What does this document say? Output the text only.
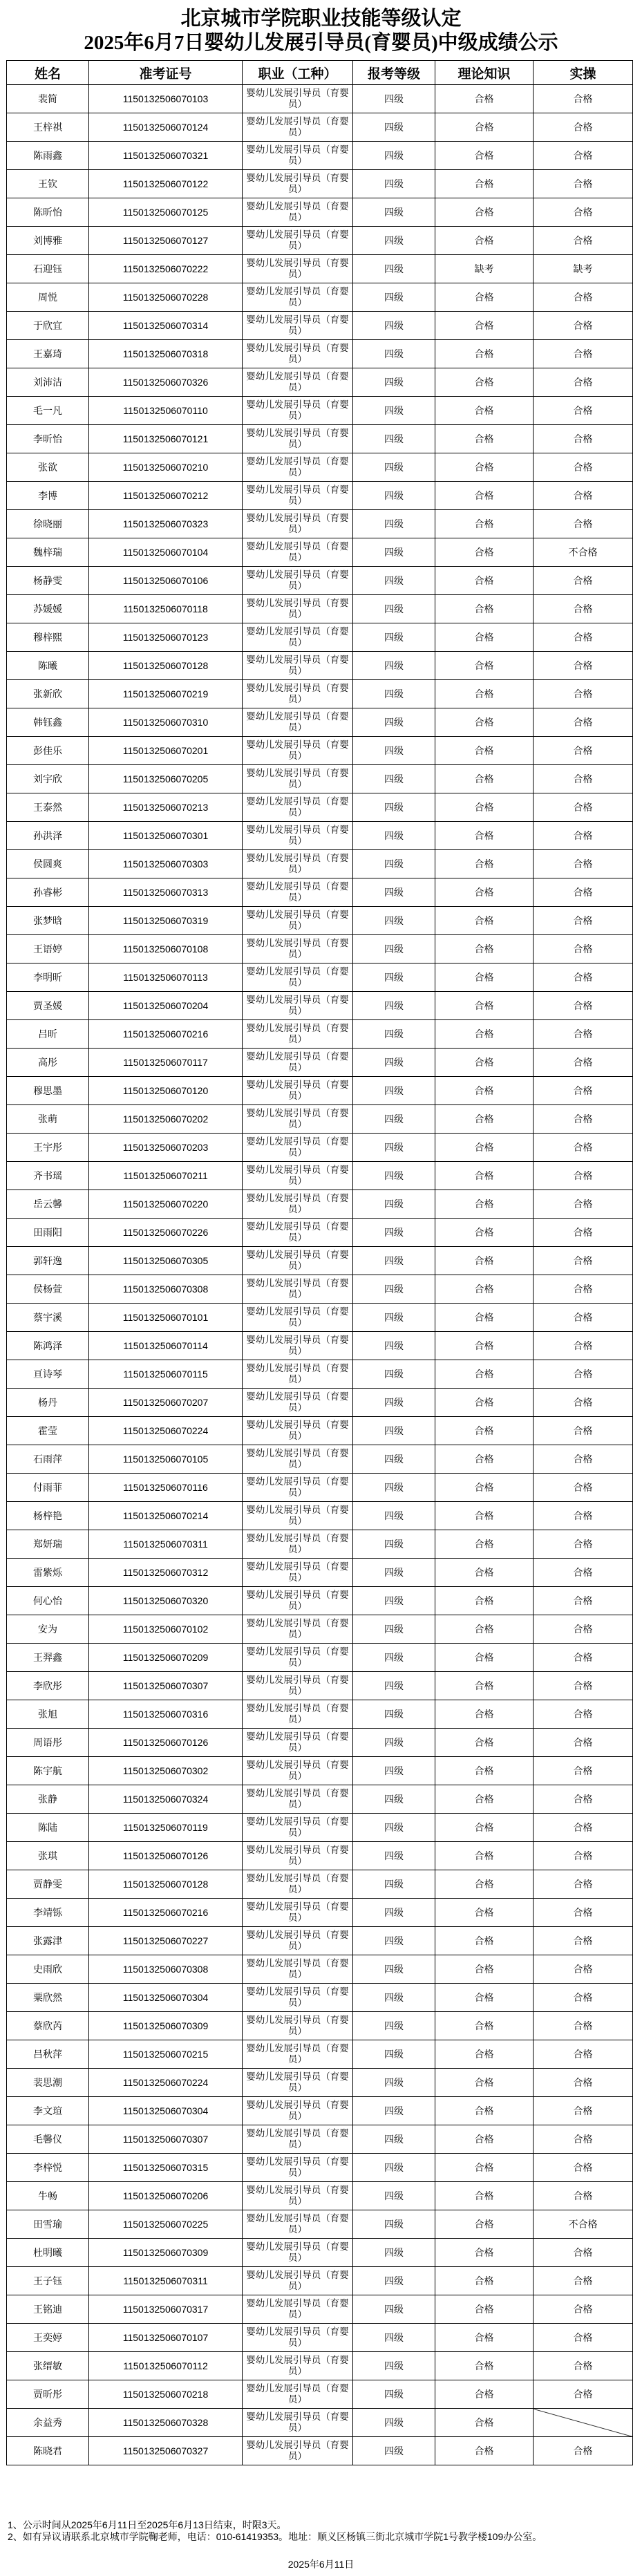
北京城市学院职业技能等级认定
2025年6月7日婴幼儿发展引导员(育婴员)中级成绩公示
姓名	准考证号	职业（工种）	报考等级	理论知识	实操
裴简	1150132506070103	婴幼儿发展引导员（育婴员）	四级	合格	合格
王梓祺	1150132506070124	婴幼儿发展引导员（育婴员）	四级	合格	合格
陈雨鑫	1150132506070321	婴幼儿发展引导员（育婴员）	四级	合格	合格
王钦	1150132506070122	婴幼儿发展引导员（育婴员）	四级	合格	合格
陈昕怡	1150132506070125	婴幼儿发展引导员（育婴员）	四级	合格	合格
刘博雅	1150132506070127	婴幼儿发展引导员（育婴员）	四级	合格	合格
石迎钰	1150132506070222	婴幼儿发展引导员（育婴员）	四级	缺考	缺考
周悦	1150132506070228	婴幼儿发展引导员（育婴员）	四级	合格	合格
于欣宜	1150132506070314	婴幼儿发展引导员（育婴员）	四级	合格	合格
王嘉琦	1150132506070318	婴幼儿发展引导员（育婴员）	四级	合格	合格
刘沛洁	1150132506070326	婴幼儿发展引导员（育婴员）	四级	合格	合格
毛一凡	1150132506070110	婴幼儿发展引导员（育婴员）	四级	合格	合格
李昕怡	1150132506070121	婴幼儿发展引导员（育婴员）	四级	合格	合格
张欲	1150132506070210	婴幼儿发展引导员（育婴员）	四级	合格	合格
李博	1150132506070212	婴幼儿发展引导员（育婴员）	四级	合格	合格
徐晓丽	1150132506070323	婴幼儿发展引导员（育婴员）	四级	合格	合格
魏梓瑞	1150132506070104	婴幼儿发展引导员（育婴员）	四级	合格	不合格
杨静雯	1150132506070106	婴幼儿发展引导员（育婴员）	四级	合格	合格
苏媛媛	1150132506070118	婴幼儿发展引导员（育婴员）	四级	合格	合格
穆梓熙	1150132506070123	婴幼儿发展引导员（育婴员）	四级	合格	合格
陈曦	1150132506070128	婴幼儿发展引导员（育婴员）	四级	合格	合格
张新欣	1150132506070219	婴幼儿发展引导员（育婴员）	四级	合格	合格
韩钰鑫	1150132506070310	婴幼儿发展引导员（育婴员）	四级	合格	合格
彭佳乐	1150132506070201	婴幼儿发展引导员（育婴员）	四级	合格	合格
刘宇欣	1150132506070205	婴幼儿发展引导员（育婴员）	四级	合格	合格
王泰然	1150132506070213	婴幼儿发展引导员（育婴员）	四级	合格	合格
孙洪泽	1150132506070301	婴幼儿发展引导员（育婴员）	四级	合格	合格
侯圆爽	1150132506070303	婴幼儿发展引导员（育婴员）	四级	合格	合格
孙睿彬	1150132506070313	婴幼儿发展引导员（育婴员）	四级	合格	合格
张梦晗	1150132506070319	婴幼儿发展引导员（育婴员）	四级	合格	合格
王语婷	1150132506070108	婴幼儿发展引导员（育婴员）	四级	合格	合格
李明昕	1150132506070113	婴幼儿发展引导员（育婴员）	四级	合格	合格
贾圣媛	1150132506070204	婴幼儿发展引导员（育婴员）	四级	合格	合格
吕昕	1150132506070216	婴幼儿发展引导员（育婴员）	四级	合格	合格
高彤	1150132506070117	婴幼儿发展引导员（育婴员）	四级	合格	合格
穆思墨	1150132506070120	婴幼儿发展引导员（育婴员）	四级	合格	合格
张萌	1150132506070202	婴幼儿发展引导员（育婴员）	四级	合格	合格
王宇彤	1150132506070203	婴幼儿发展引导员（育婴员）	四级	合格	合格
齐书瑶	1150132506070211	婴幼儿发展引导员（育婴员）	四级	合格	合格
岳云馨	1150132506070220	婴幼儿发展引导员（育婴员）	四级	合格	合格
田雨阳	1150132506070226	婴幼儿发展引导员（育婴员）	四级	合格	合格
郭轩逸	1150132506070305	婴幼儿发展引导员（育婴员）	四级	合格	合格
侯杨萱	1150132506070308	婴幼儿发展引导员（育婴员）	四级	合格	合格
蔡宇溪	1150132506070101	婴幼儿发展引导员（育婴员）	四级	合格	合格
陈鸿泽	1150132506070114	婴幼儿发展引导员（育婴员）	四级	合格	合格
亘诗琴	1150132506070115	婴幼儿发展引导员（育婴员）	四级	合格	合格
杨丹	1150132506070207	婴幼儿发展引导员（育婴员）	四级	合格	合格
霍莹	1150132506070224	婴幼儿发展引导员（育婴员）	四级	合格	合格
石雨萍	1150132506070105	婴幼儿发展引导员（育婴员）	四级	合格	合格
付雨菲	1150132506070116	婴幼儿发展引导员（育婴员）	四级	合格	合格
杨梓艳	1150132506070214	婴幼儿发展引导员（育婴员）	四级	合格	合格
郑妍瑞	1150132506070311	婴幼儿发展引导员（育婴员）	四级	合格	合格
雷紫烁	1150132506070312	婴幼儿发展引导员（育婴员）	四级	合格	合格
何心怡	1150132506070320	婴幼儿发展引导员（育婴员）	四级	合格	合格
安为	1150132506070102	婴幼儿发展引导员（育婴员）	四级	合格	合格
王羿鑫	1150132506070209	婴幼儿发展引导员（育婴员）	四级	合格	合格
李欣彤	1150132506070307	婴幼儿发展引导员（育婴员）	四级	合格	合格
张旭	1150132506070316	婴幼儿发展引导员（育婴员）	四级	合格	合格
周语彤	1150132506070126	婴幼儿发展引导员（育婴员）	四级	合格	合格
陈宇航	1150132506070302	婴幼儿发展引导员（育婴员）	四级	合格	合格
张静	1150132506070324	婴幼儿发展引导员（育婴员）	四级	合格	合格
陈陆	1150132506070119	婴幼儿发展引导员（育婴员）	四级	合格	合格
张琪	1150132506070126	婴幼儿发展引导员（育婴员）	四级	合格	合格
贾静雯	1150132506070128	婴幼儿发展引导员（育婴员）	四级	合格	合格
李靖铄	1150132506070216	婴幼儿发展引导员（育婴员）	四级	合格	合格
张露津	1150132506070227	婴幼儿发展引导员（育婴员）	四级	合格	合格
史雨欣	1150132506070308	婴幼儿发展引导员（育婴员）	四级	合格	合格
粟欣然	1150132506070304	婴幼儿发展引导员（育婴员）	四级	合格	合格
蔡欣芮	1150132506070309	婴幼儿发展引导员（育婴员）	四级	合格	合格
吕秋萍	1150132506070215	婴幼儿发展引导员（育婴员）	四级	合格	合格
裴思潮	1150132506070224	婴幼儿发展引导员（育婴员）	四级	合格	合格
李文瑄	1150132506070304	婴幼儿发展引导员（育婴员）	四级	合格	合格
毛馨仪	1150132506070307	婴幼儿发展引导员（育婴员）	四级	合格	合格
李梓悦	1150132506070315	婴幼儿发展引导员（育婴员）	四级	合格	合格
牛畅	1150132506070206	婴幼儿发展引导员（育婴员）	四级	合格	合格
田雪瑜	1150132506070225	婴幼儿发展引导员（育婴员）	四级	合格	不合格
杜明曦	1150132506070309	婴幼儿发展引导员（育婴员）	四级	合格	合格
王子钰	1150132506070311	婴幼儿发展引导员（育婴员）	四级	合格	合格
王铭迪	1150132506070317	婴幼儿发展引导员（育婴员）	四级	合格	合格
王奕婷	1150132506070107	婴幼儿发展引导员（育婴员）	四级	合格	合格
张缙敏	1150132506070112	婴幼儿发展引导员（育婴员）	四级	合格	合格
贾昕彤	1150132506070218	婴幼儿发展引导员（育婴员）	四级	合格	合格
余益秀	1150132506070328	婴幼儿发展引导员（育婴员）	四级	合格	
陈晓君	1150132506070327	婴幼儿发展引导员（育婴员）	四级	合格	合格
1、公示时间从2025年6月11日至2025年6月13日结束，时限3天。
2、如有异议请联系北京城市学院鞠老师，电话：010-61419353。地址：顺义区杨镇三街北京城市学院1号教学楼109办公室。
2025年6月11日
